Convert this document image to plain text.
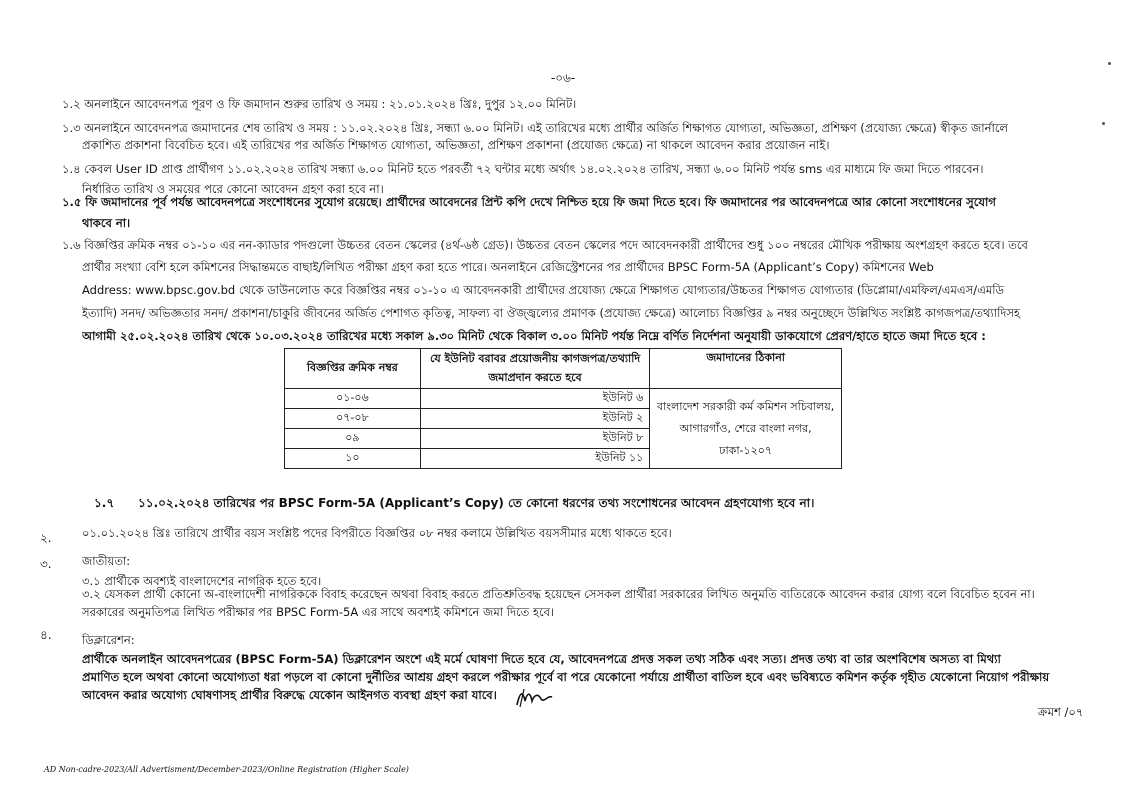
-০৬-
১.২ অনলাইনে আবেদনপত্র পূরণ ও ফি জমাদান শুরুর তারিখ ও সময় : ২১.০১.২০২৪ খ্রিঃ, দুপুর ১২.০০ মিনিট।
১.৩ অনলাইনে আবেদনপত্র জমাদানের শেষ তারিখ ও সময় : ১১.০২.২০২৪ খ্রিঃ, সন্ধ্যা ৬.০০ মিনিট। এই তারিখের মধ্যে প্রার্থীর অর্জিত শিক্ষাগত যোগ্যতা, অভিজ্ঞতা, প্রশিক্ষণ (প্রযোজ্য ক্ষেত্রে) স্বীকৃত জার্নালে
প্রকাশিত প্রকাশনা বিবেচিত হবে। এই তারিখের পর অর্জিত শিক্ষাগত যোগ্যতা, অভিজ্ঞতা, প্রশিক্ষণ প্রকাশনা (প্রযোজ্য ক্ষেত্রে) না থাকলে আবেদন করার প্রয়োজন নাই।
১.৪ কেবল User ID প্রাপ্ত প্রার্থীগণ ১১.০২.২০২৪ তারিখ সন্ধ্যা ৬.০০ মিনিট হতে পরবর্তী ৭২ ঘন্টার মধ্যে অর্থাৎ ১৪.০২.২০২৪ তারিখ, সন্ধ্যা ৬.০০ মিনিট পর্যন্ত sms এর মাধ্যমে ফি জমা দিতে পারবেন।
নির্ধারিত তারিখ ও সময়ের পরে কোনো আবেদন গ্রহণ করা হবে না।
১.৫ ফি জমাদানের পূর্ব পর্যন্ত আবেদনপত্রে সংশোধনের সুযোগ রয়েছে। প্রার্থীদের আবেদনের প্রিন্ট কপি দেখে নিশ্চিত হয়ে ফি জমা দিতে হবে। ফি জমাদানের পর আবেদনপত্রে আর কোনো সংশোধনের সুযোগ
থাকবে না।
১.৬ বিজ্ঞপ্তির ক্রমিক নম্বর ০১-১০ এর নন-ক্যাডার পদগুলো উচ্চতর বেতন স্কেলের (৪র্থ-৬ষ্ঠ গ্রেড)। উচ্চতর বেতন স্কেলের পদে আবেদনকারী প্রার্থীদের শুধু ১০০ নম্বরের মৌখিক পরীক্ষায় অংশগ্রহণ করতে হবে। তবে
প্রার্থীর সংখ্যা বেশি হলে কমিশনের সিদ্ধান্তমতে বাছাই/লিখিত পরীক্ষা গ্রহণ করা হতে পারে। অনলাইনে রেজিস্ট্রেশনের পর প্রার্থীদের BPSC Form-5A (Applicant’s Copy) কমিশনের Web
Address: www.bpsc.gov.bd থেকে ডাউনলোড করে বিজ্ঞপ্তির নম্বর ০১-১০ এ আবেদনকারী প্রার্থীদের প্রযোজ্য ক্ষেত্রে শিক্ষাগত যোগ্যতার/উচ্চতর শিক্ষাগত যোগ্যতার (ডিপ্লোমা/এমফিল/এমএস/এমডি
ইত্যাদি) সনদ/ অভিজ্ঞতার সনদ/ প্রকাশনা/চাকুরি জীবনের অর্জিত পেশাগত কৃতিত্ব, সাফল্য বা ঔজ্জ্বল্যের প্রমাণক (প্রযোজ্য ক্ষেত্রে) আলোচ্য বিজ্ঞপ্তির ৯ নম্বর অনুচ্ছেদে উল্লিখিত সংশ্লিষ্ট কাগজপত্র/তথ্যাদিসহ
আগামী ২৫.০২.২০২৪ তারিখ থেকে ১০.০৩.২০২৪ তারিখের মধ্যে সকাল ৯.৩০ মিনিট থেকে বিকাল ৩.০০ মিনিট পর্যন্ত নিম্নে বর্ণিত নির্দেশনা অনুযায়ী ডাকযোগে প্রেরণ/হাতে হাতে জমা দিতে হবে :
বিজ্ঞপ্তির ক্রমিক নম্বর	যে ইউনিট বরাবর প্রয়োজনীয় কাগজপত্র/তথ্যাদি জমাপ্রদান করতে হবে	জমাদানের ঠিকানা
০১-০৬	ইউনিট ৬	বাংলাদেশ সরকারী কর্ম কমিশন সচিবালয়, আগারগাঁও, শেরে বাংলা নগর, ঢাকা-১২০৭
০৭-০৮	ইউনিট ২	
০৯	ইউনিট ৮	
১০	ইউনিট ১১	
১.৭ ১১.০২.২০২৪ তারিখের পর BPSC Form-5A (Applicant’s Copy) তে কোনো ধরণের তথ্য সংশোধনের আবেদন গ্রহণযোগ্য হবে না।
২.	০১.০১.২০২৪ খ্রিঃ তারিখে প্রার্থীর বয়স সংশ্লিষ্ট পদের বিপরীতে বিজ্ঞপ্তির ০৮ নম্বর কলামে উল্লিখিত বয়সসীমার মধ্যে থাকতে হবে।
৩.	জাতীয়তা:
৩.১ প্রার্থীকে অবশ্যই বাংলাদেশের নাগরিক হতে হবে।
৩.২ যেসকল প্রার্থী কোনো অ-বাংলাদেশী নাগরিককে বিবাহ করেছেন অথবা বিবাহ করতে প্রতিশ্রুতিবদ্ধ হয়েছেন সেসকল প্রার্থীরা সরকারের লিখিত অনুমতি ব্যতিরেকে আবেদন করার যোগ্য বলে বিবেচিত হবেন না।
সরকারের অনুমতিপত্র লিখিত পরীক্ষার পর BPSC Form-5A এর সাথে অবশ্যই কমিশনে জমা দিতে হবে।
৪.	ডিক্লারেশন:
প্রার্থীকে অনলাইন আবেদনপত্রের (BPSC Form-5A) ডিক্লারেশন অংশে এই মর্মে ঘোষণা দিতে হবে যে, আবেদনপত্রে প্রদত্ত সকল তথ্য সঠিক এবং সত্য। প্রদত্ত তথ্য বা তার অংশবিশেষ অসত্য বা মিথ্যা
প্রমাণিত হলে অথবা কোনো অযোগ্যতা ধরা পড়লে বা কোনো দুর্নীতির আশ্রয় গ্রহণ করলে পরীক্ষার পূর্বে বা পরে যেকোনো পর্যায়ে প্রার্থীতা বাতিল হবে এবং ভবিষ্যতে কমিশন কর্তৃক গৃহীত যেকোনো নিয়োগ পরীক্ষায়
আবেদন করার অযোগ্য ঘোষণাসহ প্রার্থীর বিরুদ্ধে যেকোন আইনগত ব্যবস্থা গ্রহণ করা যাবে।
ক্রমশ /০৭
AD Non-cadre-2023/All Advertisment/December-2023//Online Registration (Higher Scale)
